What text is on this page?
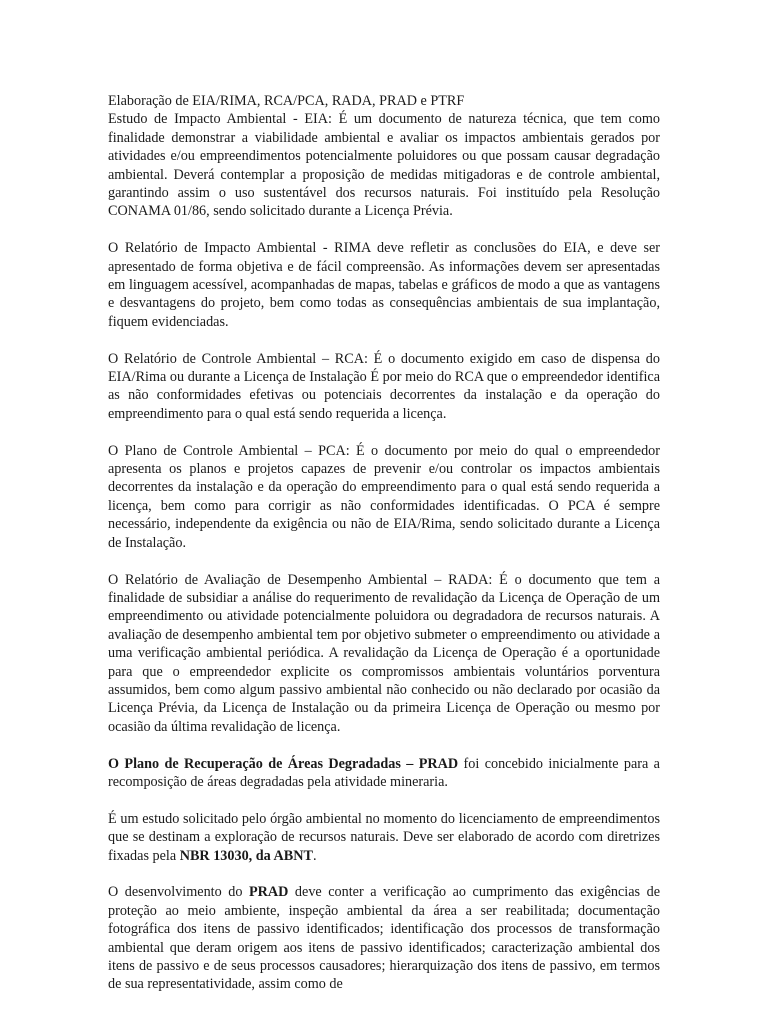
Elaboração de EIA/RIMA, RCA/PCA, RADA, PRAD e PTRF

Estudo de Impacto Ambiental - EIA: É um documento de natureza técnica, que tem como finalidade demonstrar a viabilidade ambiental e avaliar os impactos ambientais gerados por atividades e/ou empreendimentos potencialmente poluidores ou que possam causar degradação ambiental. Deverá contemplar a proposição de medidas mitigadoras e de controle ambiental, garantindo assim o uso sustentável dos recursos naturais. Foi instituído pela Resolução CONAMA 01/86, sendo solicitado durante a Licença Prévia.

O Relatório de Impacto Ambiental - RIMA deve refletir as conclusões do EIA, e deve ser apresentado de forma objetiva e de fácil compreensão. As informações devem ser apresentadas em linguagem acessível, acompanhadas de mapas, tabelas e gráficos de modo a que as vantagens e desvantagens do projeto, bem como todas as consequências ambientais de sua implantação, fiquem evidenciadas.

O Relatório de Controle Ambiental – RCA: É o documento exigido em caso de dispensa do EIA/Rima ou durante a Licença de Instalação É por meio do RCA que o empreendedor identifica as não conformidades efetivas ou potenciais decorrentes da instalação e da operação do empreendimento para o qual está sendo requerida a licença.

O Plano de Controle Ambiental – PCA: É o documento por meio do qual o empreendedor apresenta os planos e projetos capazes de prevenir e/ou controlar os impactos ambientais decorrentes da instalação e da operação do empreendimento para o qual está sendo requerida a licença, bem como para corrigir as não conformidades identificadas. O PCA é sempre necessário, independente da exigência ou não de EIA/Rima, sendo solicitado durante a Licença de Instalação.

O Relatório de Avaliação de Desempenho Ambiental – RADA: É o documento que tem a finalidade de subsidiar a análise do requerimento de revalidação da Licença de Operação de um empreendimento ou atividade potencialmente poluidora ou degradadora de recursos naturais. A avaliação de desempenho ambiental tem por objetivo submeter o empreendimento ou atividade a uma verificação ambiental periódica. A revalidação da Licença de Operação é a oportunidade para que o empreendedor explicite os compromissos ambientais voluntários porventura assumidos, bem como algum passivo ambiental não conhecido ou não declarado por ocasião da Licença Prévia, da Licença de Instalação ou da primeira Licença de Operação ou mesmo por ocasião da última revalidação de licença.

O Plano de Recuperação de Áreas Degradadas – PRAD foi concebido inicialmente para a recomposição de áreas degradadas pela atividade mineraria.

É um estudo solicitado pelo órgão ambiental no momento do licenciamento de empreendimentos que se destinam a exploração de recursos naturais. Deve ser elaborado de acordo com diretrizes fixadas pela NBR 13030, da ABNT.

O desenvolvimento do PRAD deve conter a verificação ao cumprimento das exigências de proteção ao meio ambiente, inspeção ambiental da área a ser reabilitada; documentação fotográfica dos itens de passivo identificados; identificação dos processos de transformação ambiental que deram origem aos itens de passivo identificados; caracterização ambiental dos itens de passivo e de seus processos causadores; hierarquização dos itens de passivo, em termos de sua representatividade, assim como de
